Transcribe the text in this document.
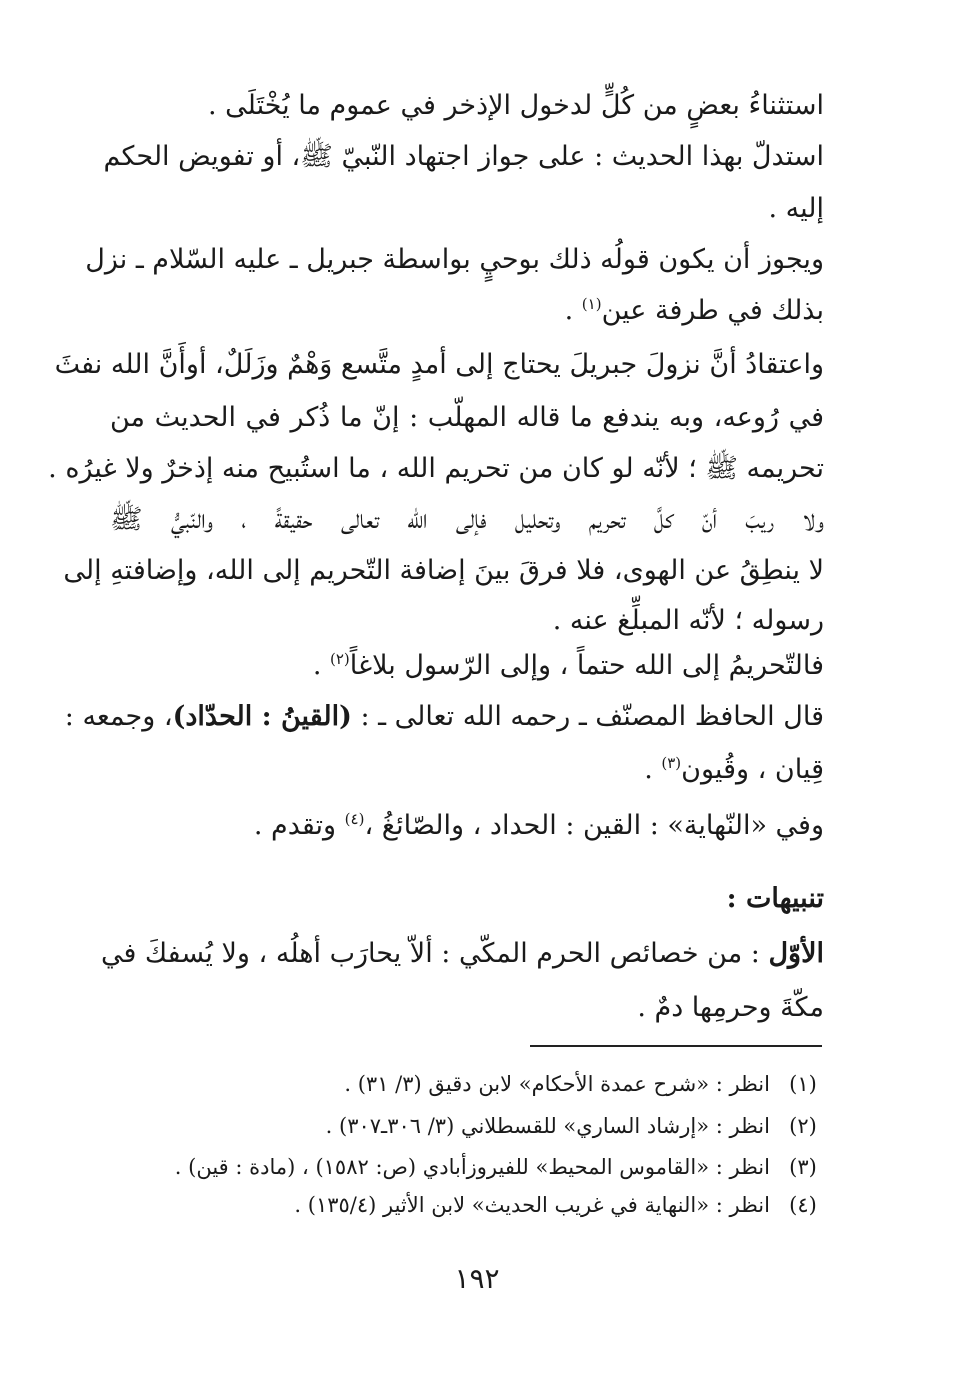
استثناءُ بعضٍ من كُلٍّ لدخول الإذخر في عموم ما يُخْتَلَى .
استدلّ بهذا الحديث : على جواز اجتهاد النّبيّ ﷺ، أو تفويض الحكم
إليه .
ويجوز أن يكون قولُه ذلك بوحيٍ بواسطة جبريل ـ عليه السّلام ـ نزل
بذلك في طرفة عين$^{(١)}$ .
واعتقادُ أنَّ نزولَ جبريلَ يحتاج إلى أمدٍ متَّسع وَهْمٌ وزَلَلٌ، أوأَنَّ الله نفثَ
في رُوعه، وبه يندفع ما قاله المهلّب : إنّ ما ذُكر في الحديث من
تحريمه ﷺ ؛ لأنّه لو كان من تحريم الله ، ما استُبيح منه إذخرٌ ولا غيرُه .
ولا ريبَ أنّ كلَّ تحريم وتحليل فإلى الله تعالى حقيقةً ، والنّبيُّ ﷺ
لا ينطِقُ عن الهوى، فلا فرقَ بينَ إضافة التّحريم إلى الله، وإضافتهِ إلى
رسوله ؛ لأنّه المبلِّغ عنه .
فالتّحريمُ إلى الله حتماً ، وإلى الرّسول بلاغاً$^{(٢)}$ .
قال الحافظ المصنّف ـ رحمه الله تعالى ـ : (القينُ : الحدّاد)، وجمعه :
قِيان ، وقُيون$^{(٣)}$ .
وفي «النّهاية» : القين : الحداد ، والصّائغُ ،$^{(٤)}$ وتقدم .
تنبيهات :
الأوّل : من خصائص الحرم المكّي : ألاّ يحارَب أهلُه ، ولا يُسفكَ في
مكّةَ وحرمِها دمٌ .
(١)انظر : «شرح عمدة الأحكام» لابن دقيق (٣/ ٣١) .
(٢)انظر : «إرشاد الساري» للقسطلاني (٣/ ٣٠٦ـ٣٠٧) .
(٣)انظر : «القاموس المحيط» للفيروزأبادي (ص: ١٥٨٢) ، (مادة : قين) .
(٤)انظر : «النهاية في غريب الحديث» لابن الأثير (١٣٥/٤) .
١٩٢
